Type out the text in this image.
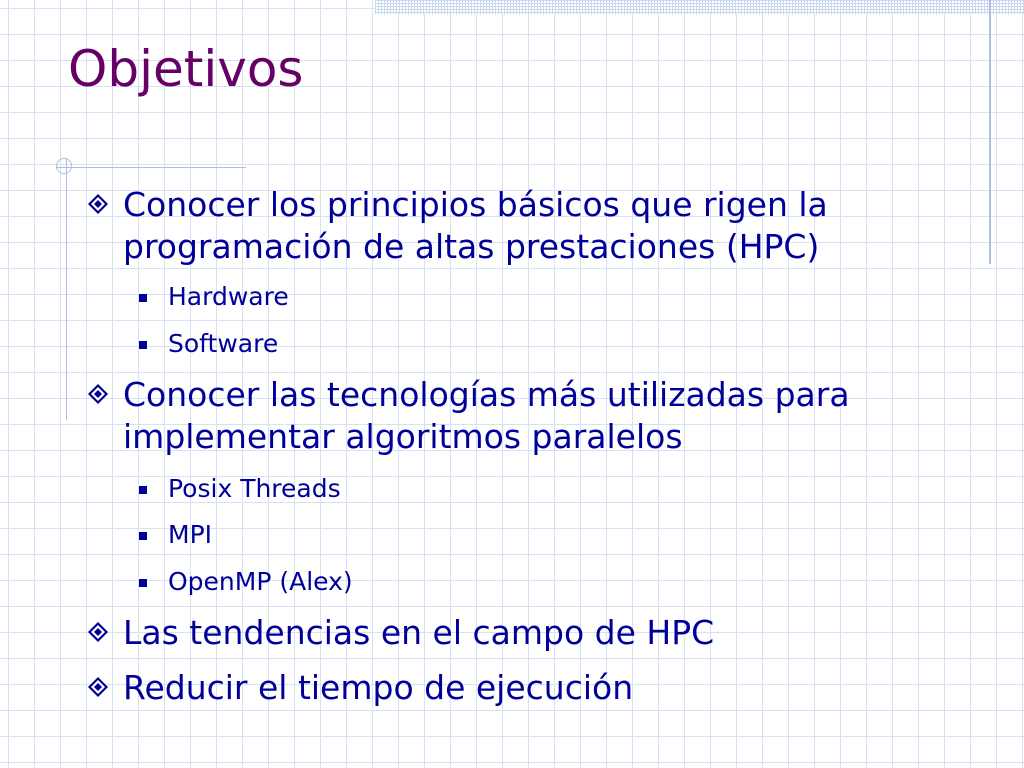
Objetivos
Conocer los principios básicos que rigen la programación de altas prestaciones (HPC)
Hardware
Software
Conocer las tecnologías más utilizadas para implementar algoritmos paralelos
Posix Threads
MPI
OpenMP (Alex)
Las tendencias en el campo de HPC
Reducir el tiempo de ejecución
